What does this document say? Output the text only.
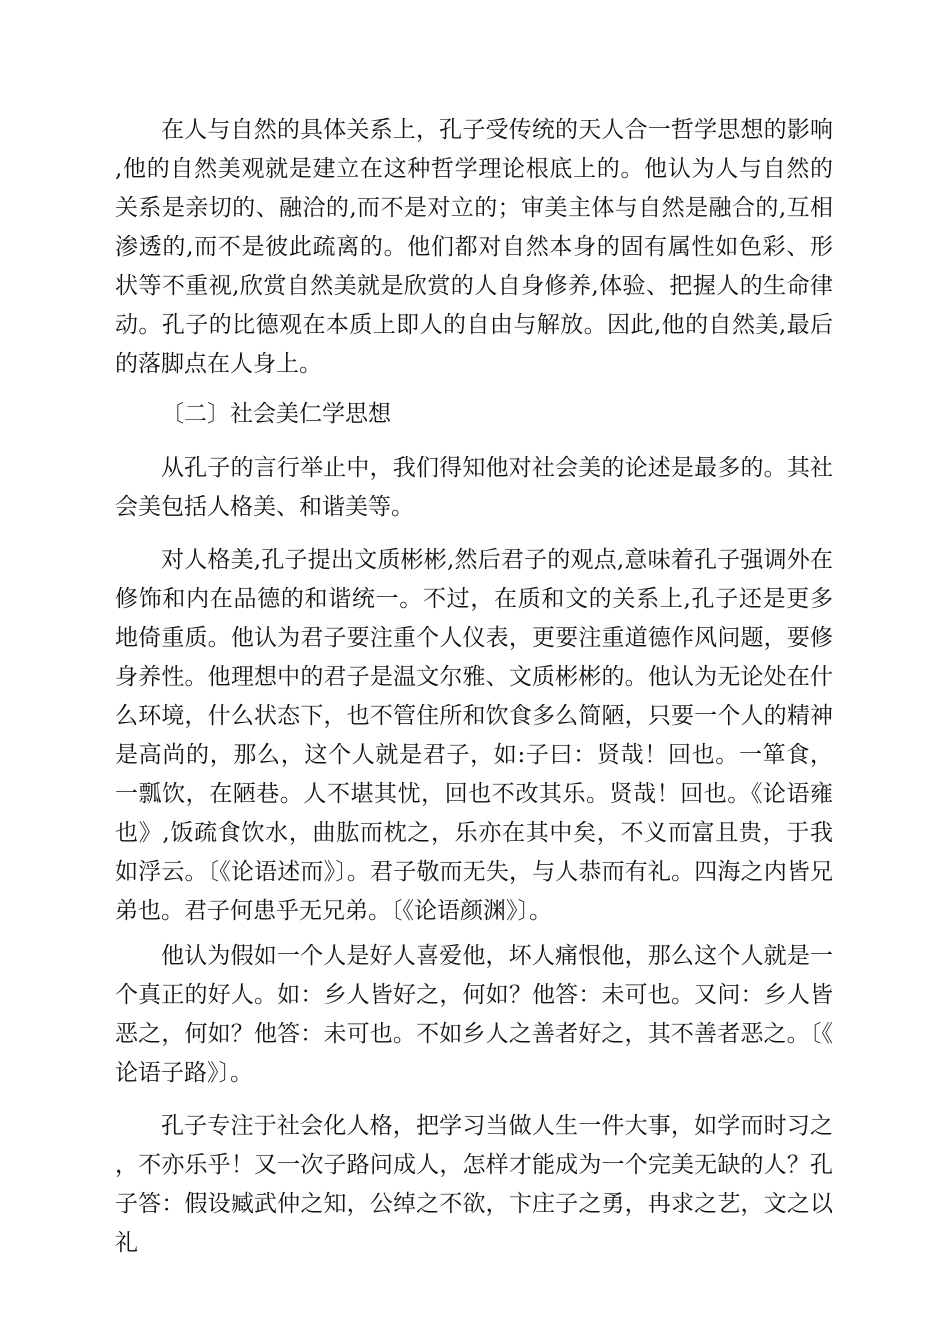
在人与自然的具体关系上，孔子受传统的天人合一哲学思想的影响,他的自然美观就是建立在这种哲学理论根底上的。他认为人与自然的关系是亲切的、融洽的,而不是对立的；审美主体与自然是融合的,互相渗透的,而不是彼此疏离的。他们都对自然本身的固有属性如色彩、形状等不重视,欣赏自然美就是欣赏的人自身修养,体验、把握人的生命律动。孔子的比德观在本质上即人的自由与解放。因此,他的自然美,最后的落脚点在人身上。

〔二〕社会美仁学思想

从孔子的言行举止中，我们得知他对社会美的论述是最多的。其社会美包括人格美、和谐美等。

对人格美,孔子提出文质彬彬,然后君子的观点,意味着孔子强调外在修饰和内在品德的和谐统一。不过，在质和文的关系上,孔子还是更多地倚重质。他认为君子要注重个人仪表，更要注重道德作风问题，要修身养性。他理想中的君子是温文尔雅、文质彬彬的。他认为无论处在什么环境，什么状态下，也不管住所和饮食多么简陋，只要一个人的精神是高尚的，那么，这个人就是君子，如:子曰：贤哉！回也。一箪食，一瓢饮，在陋巷。人不堪其忧，回也不改其乐。贤哉！回也。《论语雍也》,饭疏食饮水，曲肱而枕之，乐亦在其中矣，不义而富且贵，于我如浮云。〔《论语述而》〕。君子敬而无失，与人恭而有礼。四海之内皆兄弟也。君子何患乎无兄弟。〔《论语颜渊》〕。

他认为假如一个人是好人喜爱他，坏人痛恨他，那么这个人就是一个真正的好人。如：乡人皆好之，何如？他答：未可也。又问：乡人皆恶之，何如？他答：未可也。不如乡人之善者好之，其不善者恶之。〔《论语子路》〕。

孔子专注于社会化人格，把学习当做人生一件大事，如学而时习之，不亦乐乎！又一次子路问成人，怎样才能成为一个完美无缺的人？孔子答：假设臧武仲之知，公绰之不欲，卞庄子之勇，冉求之艺，文之以礼
